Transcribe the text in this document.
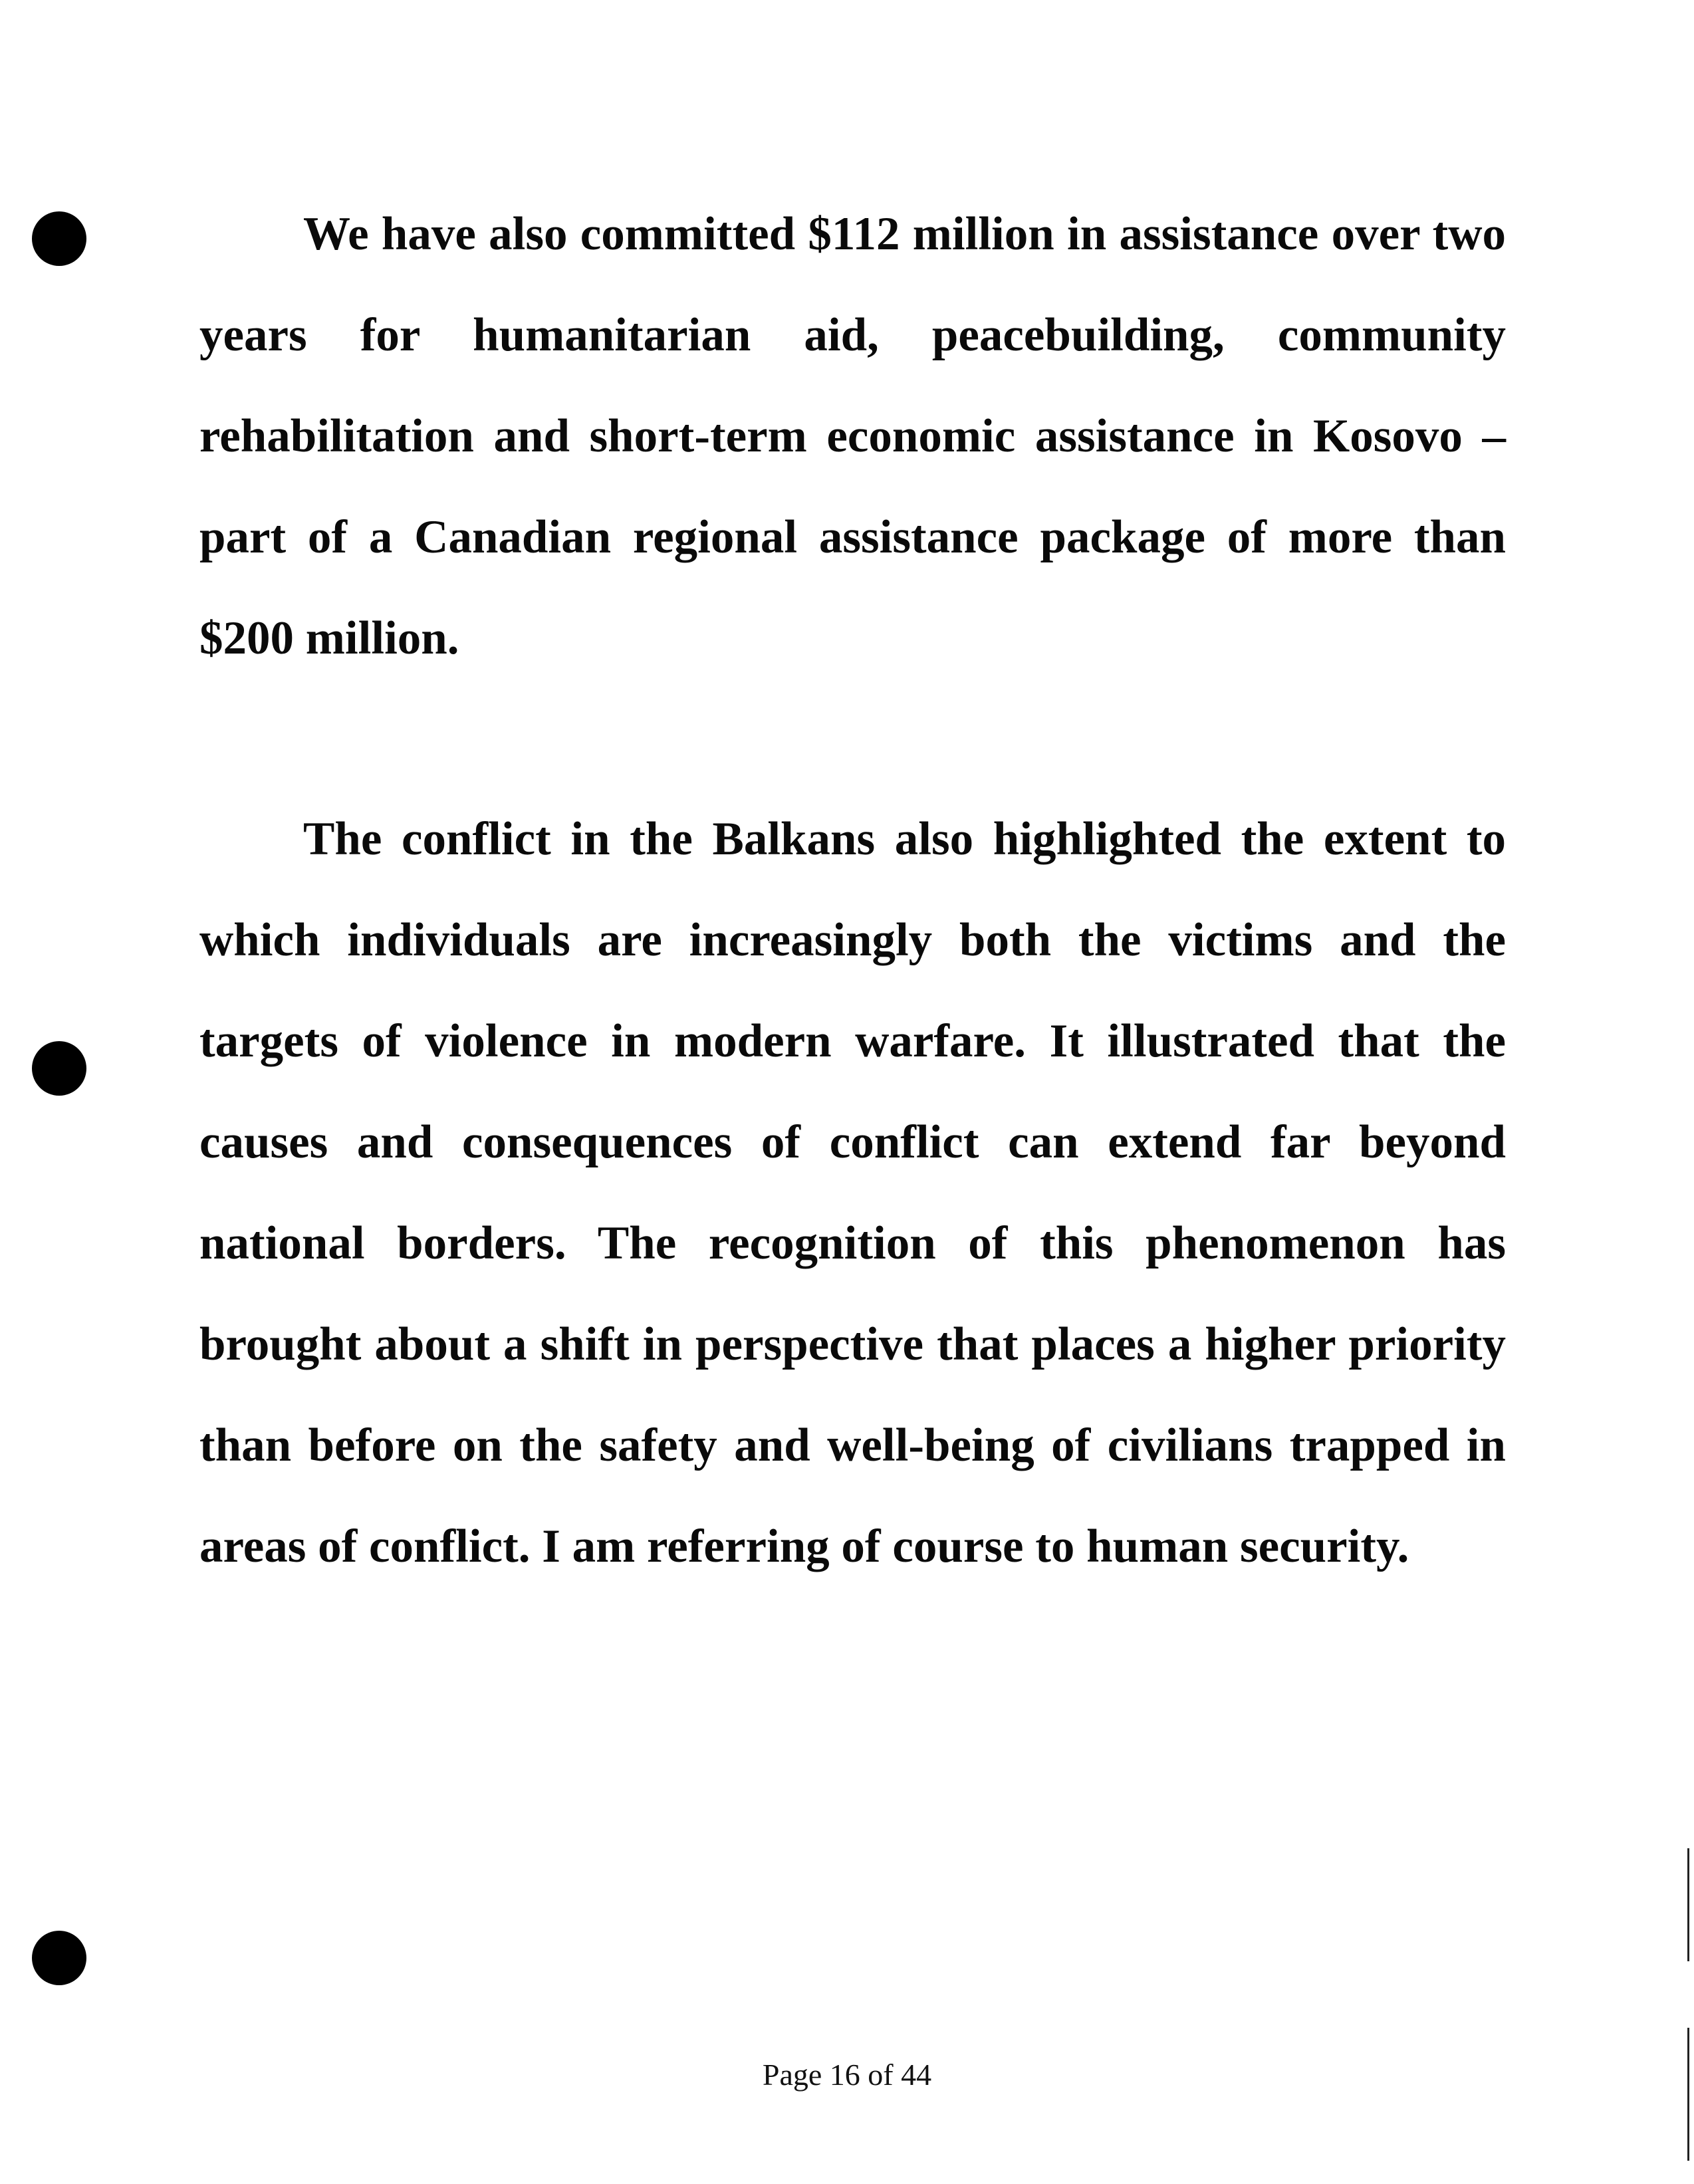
We have also committed $112 million in assistance over two years for humanitarian aid, peacebuilding, community rehabilitation and short-term economic assistance in Kosovo – part of a Canadian regional assistance package of more than $200 million.

The conflict in the Balkans also highlighted the extent to which individuals are increasingly both the victims and the targets of violence in modern warfare. It illustrated that the causes and consequences of conflict can extend far beyond national borders. The recognition of this phenomenon has brought about a shift in perspective that places a higher priority than before on the safety and well-being of civilians trapped in areas of conflict. I am referring of course to human security.

Page 16 of 44
